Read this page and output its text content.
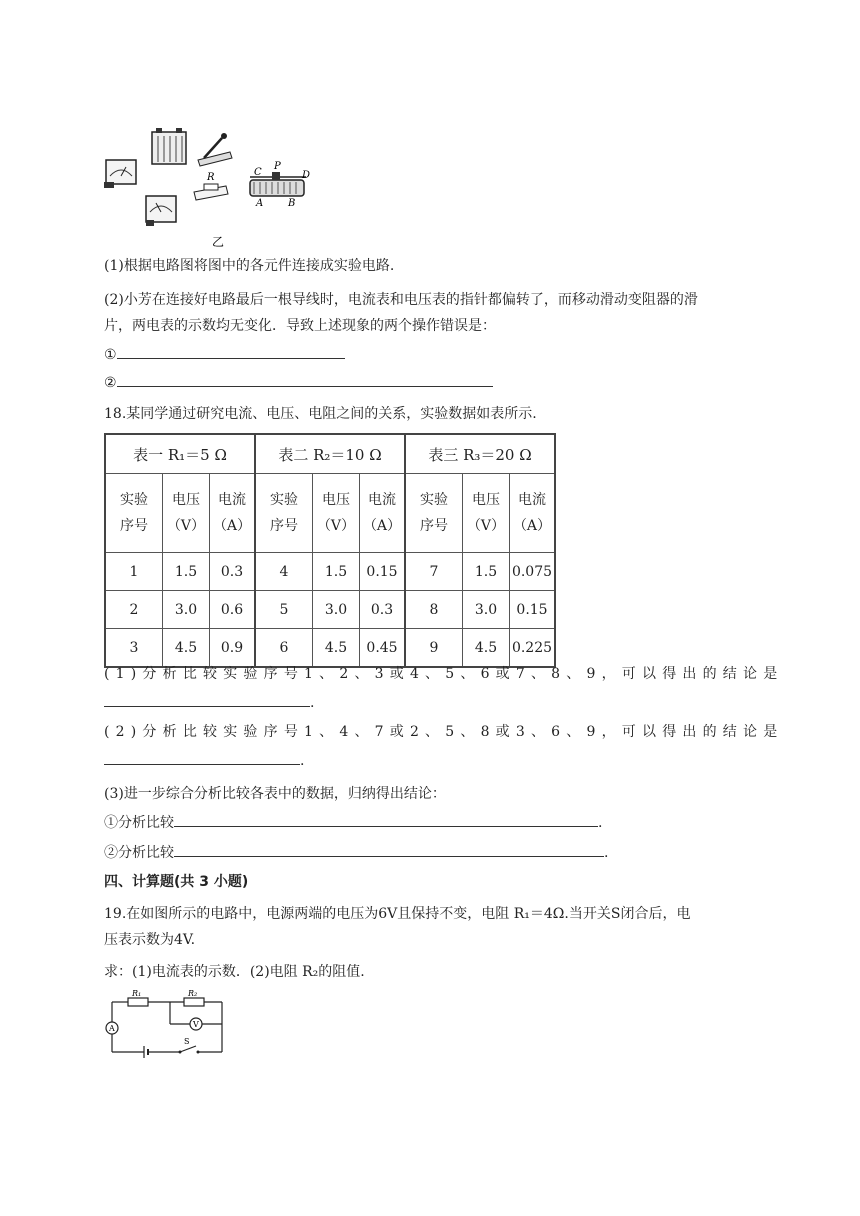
R	C
P
D
A B
乙
(1)根据电路图将图中的各元件连接成实验电路.
(2)小芳在连接好电路最后一根导线时，电流表和电压表的指针都偏转了，而移动滑动变阻器的滑
片，两电表的示数均无变化．导致上述现象的两个操作错误是：
①
②
18.某同学通过研究电流、电压、电阻之间的关系，实验数据如表所示.
表一 R₁＝5 Ω			表二 R₂＝10 Ω			表三 R₃＝20 Ω		
实验
序号	电压
（V）	电流
（A）	实验
序号	电压
（V）	电流
（A）	实验
序号	电压
（V）	电流
（A）
1	1.5	0.3	4	1.5	0.15	7	1.5	0.075
2	3.0	0.6	5	3.0	0.3	8	3.0	0.15
3	4.5	0.9	6	4.5	0.45	9	4.5	0.225
(1)分析比较实验序号1、2、3或4、5、6或7、8、9，可以得出的结论是
.
(2)分析比较实验序号1、4、7或2、5、8或3、6、9，可以得出的结论是
.
(3)进一步综合分析比较各表中的数据，归纳得出结论：
①分析比较	.
②分析比较	.
四、计算题(共 3 小题)
19.在如图所示的电路中，电源两端的电压为6V且保持不变，电阻 R₁＝4Ω.当开关S闭合后，电
压表示数为4V.
求：(1)电流表的示数．(2)电阻 R₂的阻值.
R₁	R₂
A	V
S
